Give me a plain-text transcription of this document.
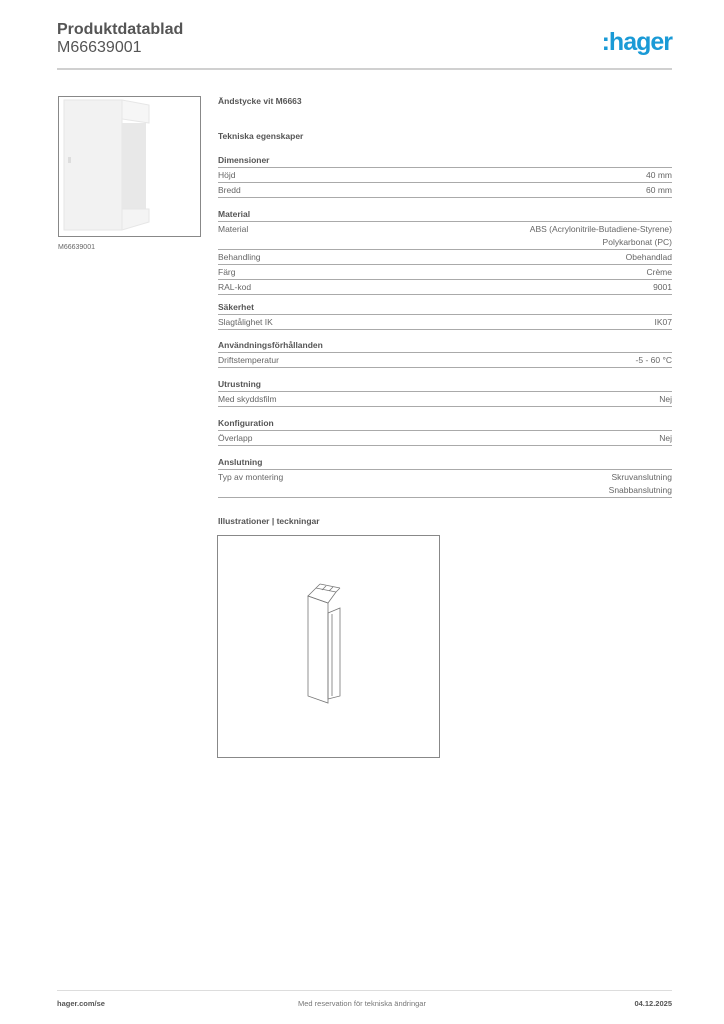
Produktdatablad
M66639001	:hager
M66639001
Ändstycke vit M6663
Tekniska egenskaper
Dimensioner
Höjd	40 mm
Bredd	60 mm
Material
Material	ABS (Acrylonitrile-Butadiene-Styrene)
Polykarbonat (PC)
Behandling	Obehandlad
Färg	Crème
RAL-kod	9001
Säkerhet
Slagtålighet IK	IK07
Användningsförhållanden
Driftstemperatur	-5 - 60 °C
Utrustning
Med skyddsfilm	Nej
Konfiguration
Överlapp	Nej
Anslutning
Typ av montering	Skruvanslutning
Snabbanslutning
Illustrationer | teckningar
hager.com/se	Med reservation för tekniska ändringar	04.12.2025
